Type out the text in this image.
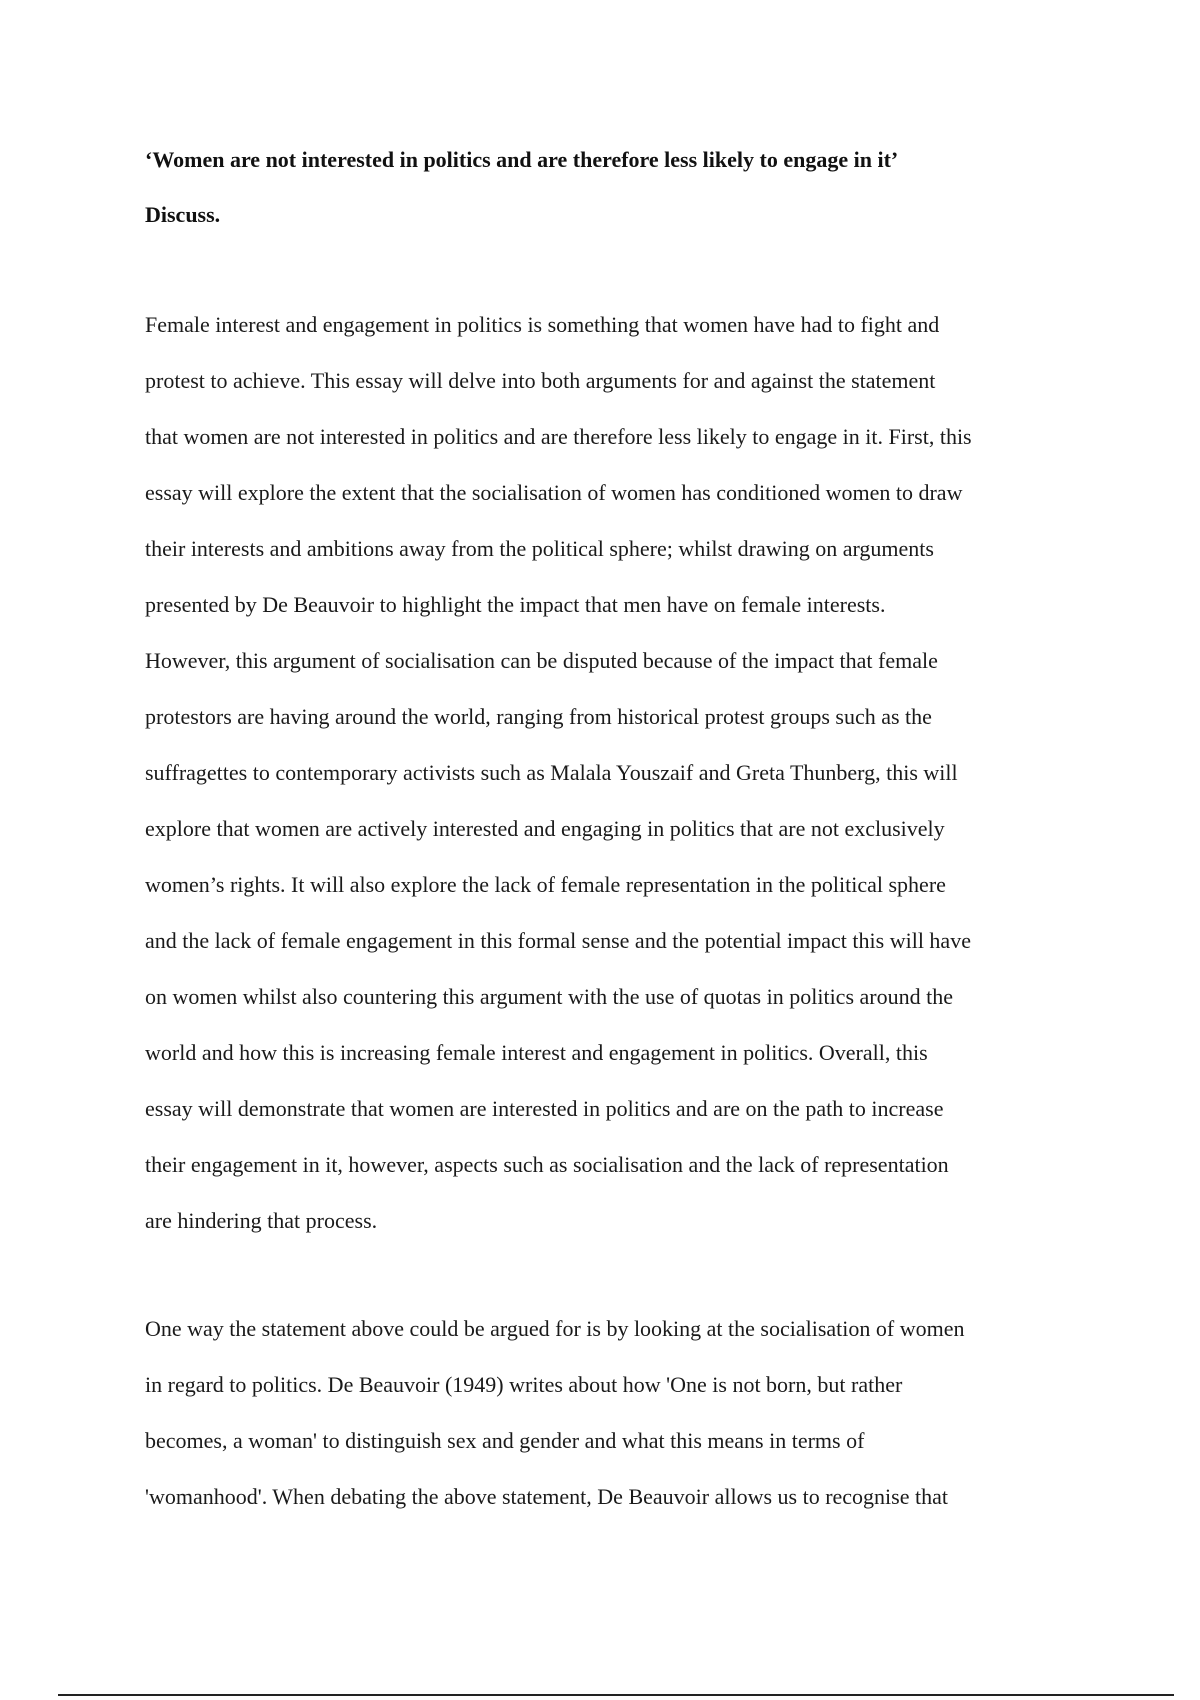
‘Women are not interested in politics and are therefore less likely to engage in it’

Discuss.

Female interest and engagement in politics is something that women have had to fight and

protest to achieve. This essay will delve into both arguments for and against the statement

that women are not interested in politics and are therefore less likely to engage in it. First, this

essay will explore the extent that the socialisation of women has conditioned women to draw

their interests and ambitions away from the political sphere; whilst drawing on arguments

presented by De Beauvoir to highlight the impact that men have on female interests.

However, this argument of socialisation can be disputed because of the impact that female

protestors are having around the world, ranging from historical protest groups such as the

suffragettes to contemporary activists such as Malala Youszaif and Greta Thunberg, this will

explore that women are actively interested and engaging in politics that are not exclusively

women’s rights. It will also explore the lack of female representation in the political sphere

and the lack of female engagement in this formal sense and the potential impact this will have

on women whilst also countering this argument with the use of quotas in politics around the

world and how this is increasing female interest and engagement in politics. Overall, this

essay will demonstrate that women are interested in politics and are on the path to increase

their engagement in it, however, aspects such as socialisation and the lack of representation

are hindering that process.

One way the statement above could be argued for is by looking at the socialisation of women

in regard to politics. De Beauvoir (1949) writes about how 'One is not born, but rather

becomes, a woman' to distinguish sex and gender and what this means in terms of

'womanhood'. When debating the above statement, De Beauvoir allows us to recognise that
